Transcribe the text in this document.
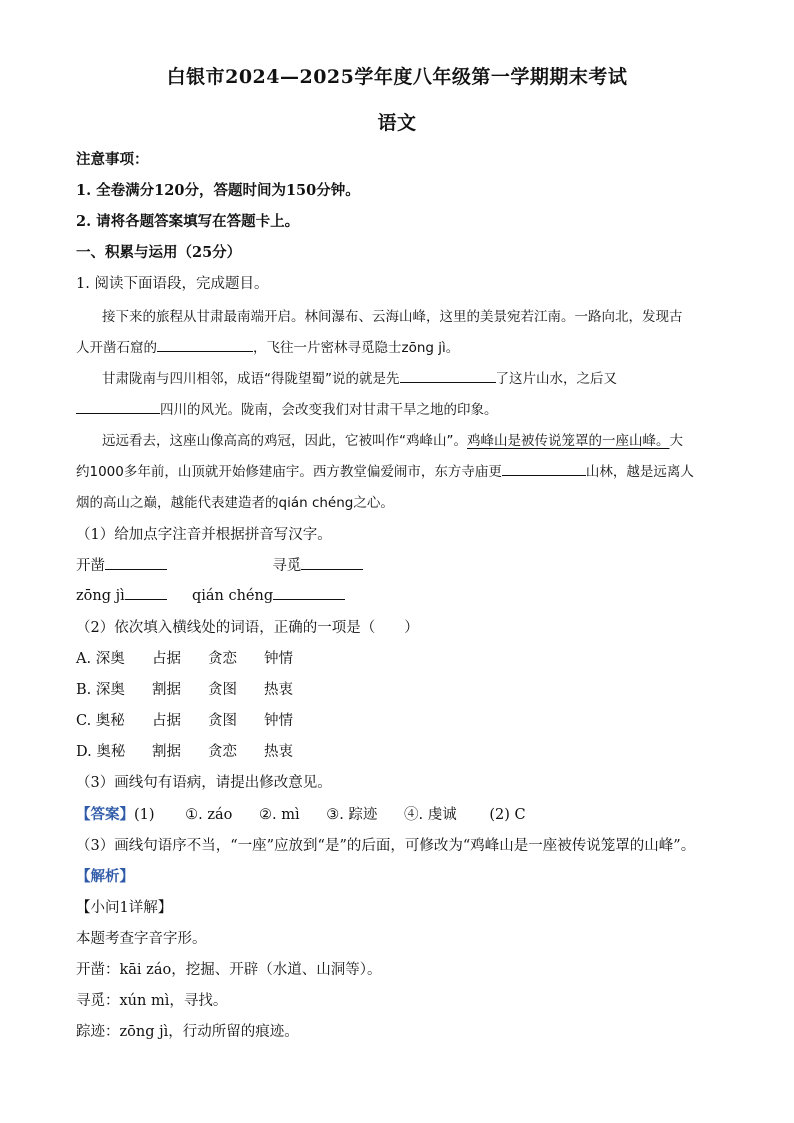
白银市2024—2025学年度八年级第一学期期末考试
语文
注意事项：
1. 全卷满分120分，答题时间为150分钟。
2. 请将各题答案填写在答题卡上。
一、积累与运用（25分）
1. 阅读下面语段，完成题目。
接下来的旅程从甘肃最南端开启。林间瀑布、云海山峰，这里的美景宛若江南。一路向北，发现古
人开凿石窟的	，飞往一片密林寻觅隐士zōng jì。
甘肃陇南与四川相邻，成语“得陇望蜀”说的就是先	了这片山水，之后又
四川的风光。陇南，会改变我们对甘肃干旱之地的印象。
远远看去，这座山像高高的鸡冠，因此，它被叫作“鸡峰山”。鸡峰山是被传说笼罩的一座山峰。大
约1000多年前，山顶就开始修建庙宇。西方教堂偏爱闹市，东方寺庙更	山林，越是远离人
烟的高山之巅，越能代表建造者的qián chéng之心。
（1）给加点字注音并根据拼音写汉字。
开凿	寻觅
zōng jì	qián chéng
（2）依次填入横线处的词语，正确的一项是（　　）
A. 深奥 占据 贪恋 钟情
B. 深奥 割据 贪图 热衷
C. 奥秘 占据 贪图 钟情
D. 奥秘 割据 贪恋 热衷
（3）画线句有语病，请提出修改意见。
【答案】(1) ①. záo ②. mì ③. 踪迹 ④. 虔诚 (2) C
（3）画线句语序不当，“一座”应放到“是”的后面，可修改为“鸡峰山是一座被传说笼罩的山峰”。
【解析】
【小问1详解】
本题考查字音字形。
开凿：kāi záo，挖掘、开辟（水道、山洞等）。
寻觅：xún mì，寻找。
踪迹：zōng jì，行动所留的痕迹。
